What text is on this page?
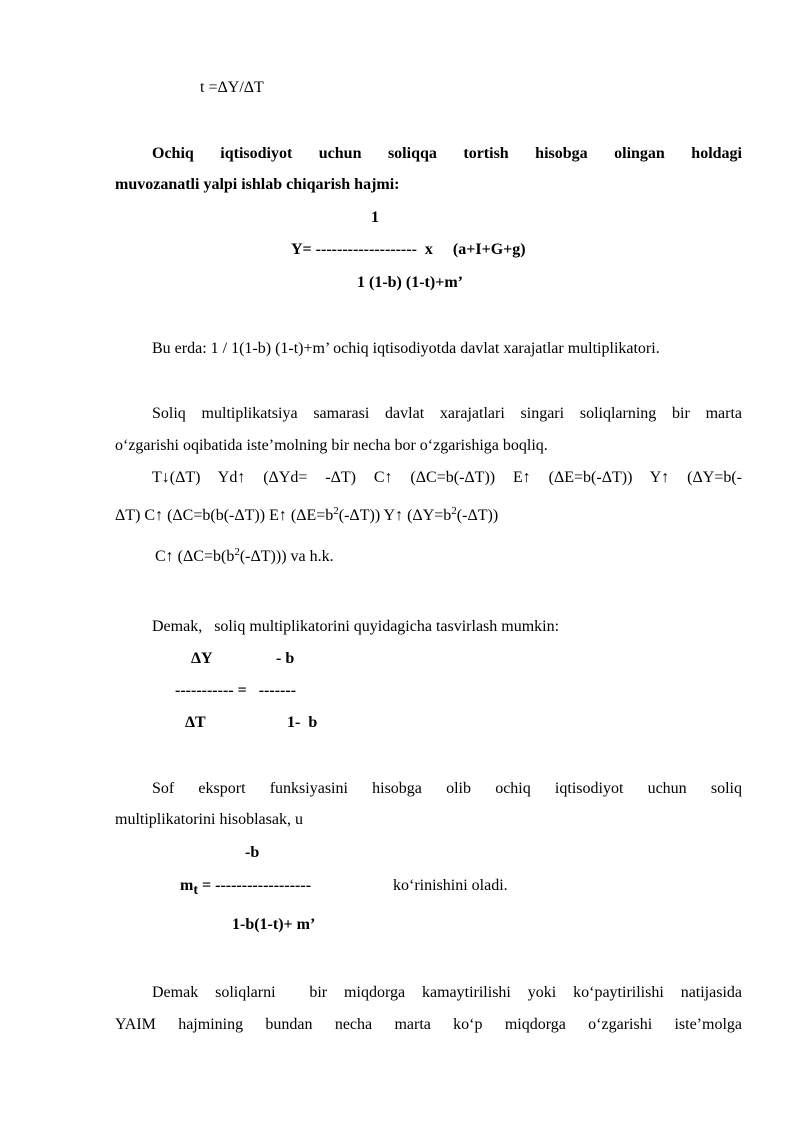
t =ΔY/ΔT
Ochiq iqtisodiyot uchun soliqqa tortish hisobga olingan holdagi
muvozanatli yalpi ishlab chiqarish hajmi:
1
Y= -------------------  x     (a+I+G+g)
1 (1-b) (1-t)+m’
Bu erda: 1 / 1(1-b) (1-t)+m’ ochiq iqtisodiyotda davlat xarajatlar multiplikatori.
Soliq multiplikatsiya samarasi davlat xarajatlari singari soliqlarning bir marta
o‘zgarishi oqibatida iste’molning bir necha bor o‘zgarishiga boqliq.
T↓(ΔT) Yd↑ (ΔYd= -ΔT) C↑ (ΔC=b(-ΔT)) E↑ (ΔE=b(-ΔT)) Y↑ (ΔY=b(-
ΔT) C↑ (ΔC=b(b(-ΔT)) E↑ $(\Delta E=b^2(-\Delta T))$ Y↑ $(\Delta Y=b^2(-\Delta T))$
C↑ $(\Delta C=b(b^2(-\Delta T)))$ va h.k.
Demak,   soliq multiplikatorini quyidagicha tasvirlash mumkin:
ΔY	- b
----------- =   -------
ΔT	1-  b
Sof eksport funksiyasini hisobga olib ochiq iqtisodiyot uchun soliq
multiplikatorini hisoblasak, u
-b
$m_t$ = ------------------	ko‘rinishini oladi.
1-b(1-t)+ m’
Demak soliqlarni  bir miqdorga kamaytirilishi yoki ko‘paytirilishi natijasida
YAIM hajmining bundan necha marta ko‘p miqdorga o‘zgarishi iste’molga
